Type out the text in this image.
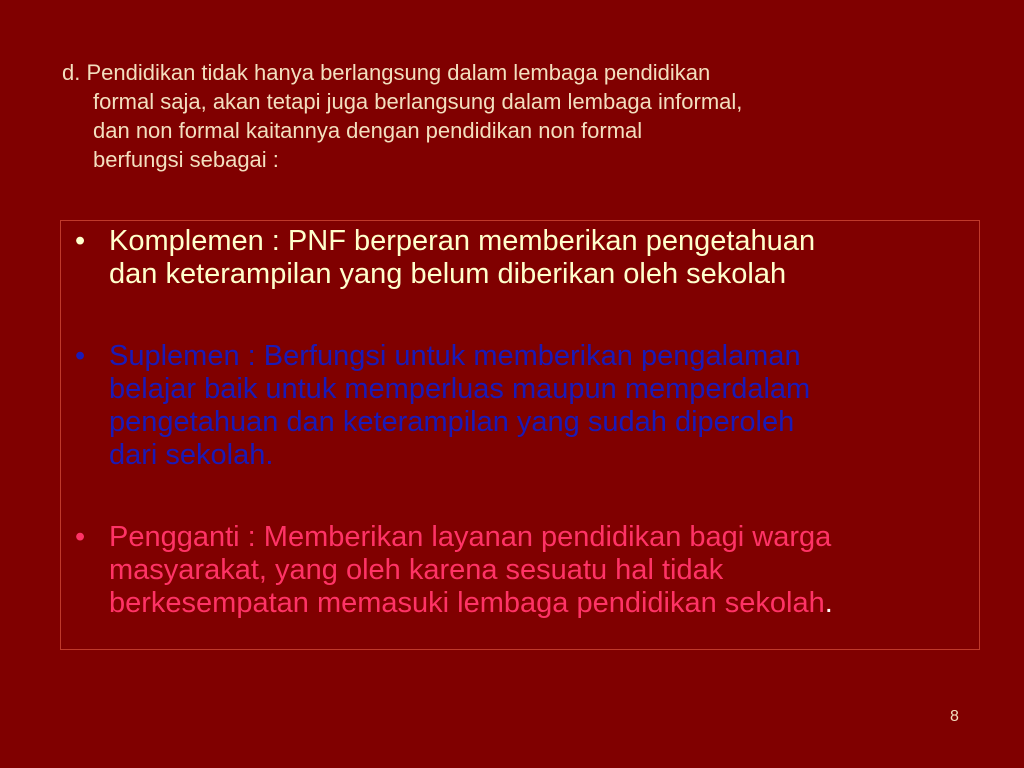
d. Pendidikan tidak hanya berlangsung dalam lembaga pendidikan
formal saja, akan tetapi juga berlangsung dalam lembaga informal,
dan non formal kaitannya dengan pendidikan non formal
berfungsi sebagai :
• Komplemen : PNF berperan memberikan pengetahuan
dan keterampilan yang belum diberikan oleh sekolah
• Suplemen : Berfungsi untuk memberikan pengalaman
belajar baik untuk memperluas maupun memperdalam
pengetahuan dan keterampilan yang sudah diperoleh
dari sekolah.
• Pengganti : Memberikan layanan pendidikan bagi warga
masyarakat, yang oleh karena sesuatu hal tidak
berkesempatan memasuki lembaga pendidikan sekolah.
8
